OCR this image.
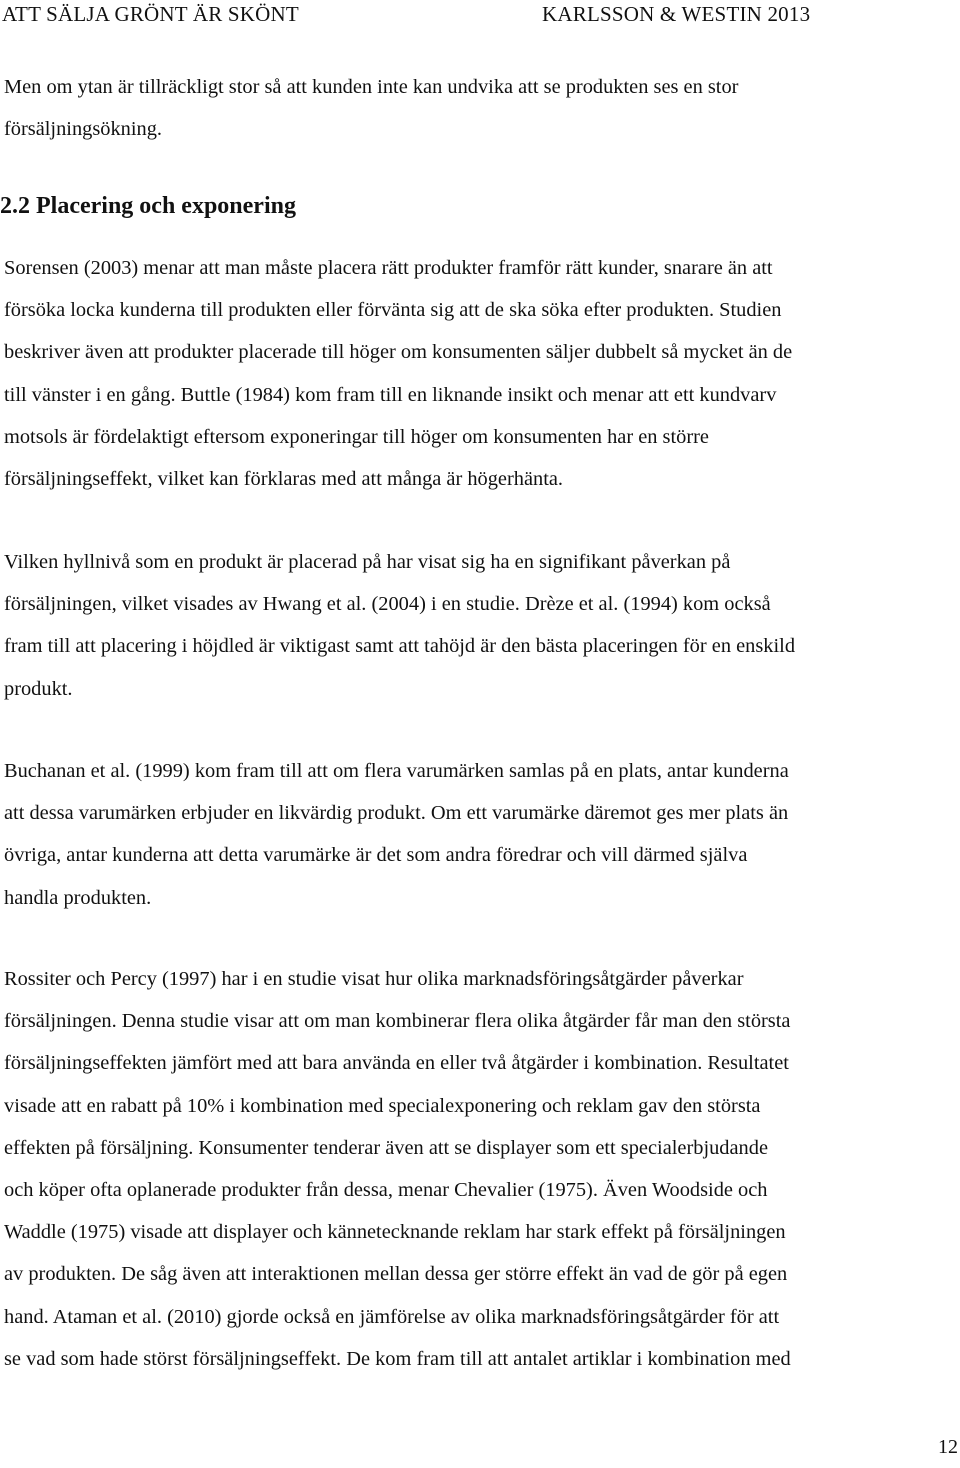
ATT SÄLJA GRÖNT ÄR SKÖNT	KARLSSON & WESTIN 2013

Men om ytan är tillräckligt stor så att kunden inte kan undvika att se produkten ses en stor
försäljningsökning.

2.2 Placering och exponering

Sorensen (2003) menar att man måste placera rätt produkter framför rätt kunder, snarare än att
försöka locka kunderna till produkten eller förvänta sig att de ska söka efter produkten. Studien
beskriver även att produkter placerade till höger om konsumenten säljer dubbelt så mycket än de
till vänster i en gång. Buttle (1984) kom fram till en liknande insikt och menar att ett kundvarv
motsols är fördelaktigt eftersom exponeringar till höger om konsumenten har en större
försäljningseffekt, vilket kan förklaras med att många är högerhänta.

Vilken hyllnivå som en produkt är placerad på har visat sig ha en signifikant påverkan på
försäljningen, vilket visades av Hwang et al. (2004) i en studie. Drèze et al. (1994) kom också
fram till att placering i höjdled är viktigast samt att tahöjd är den bästa placeringen för en enskild
produkt.

Buchanan et al. (1999) kom fram till att om flera varumärken samlas på en plats, antar kunderna
att dessa varumärken erbjuder en likvärdig produkt. Om ett varumärke däremot ges mer plats än
övriga, antar kunderna att detta varumärke är det som andra föredrar och vill därmed själva
handla produkten.

Rossiter och Percy (1997) har i en studie visat hur olika marknadsföringsåtgärder påverkar
försäljningen. Denna studie visar att om man kombinerar flera olika åtgärder får man den största
försäljningseffekten jämfört med att bara använda en eller två åtgärder i kombination. Resultatet
visade att en rabatt på 10% i kombination med specialexponering och reklam gav den största
effekten på försäljning. Konsumenter tenderar även att se displayer som ett specialerbjudande
och köper ofta oplanerade produkter från dessa, menar Chevalier (1975). Även Woodside och
Waddle (1975) visade att displayer och kännetecknande reklam har stark effekt på försäljningen
av produkten. De såg även att interaktionen mellan dessa ger större effekt än vad de gör på egen
hand. Ataman et al. (2010) gjorde också en jämförelse av olika marknadsföringsåtgärder för att
se vad som hade störst försäljningseffekt. De kom fram till att antalet artiklar i kombination med

12
